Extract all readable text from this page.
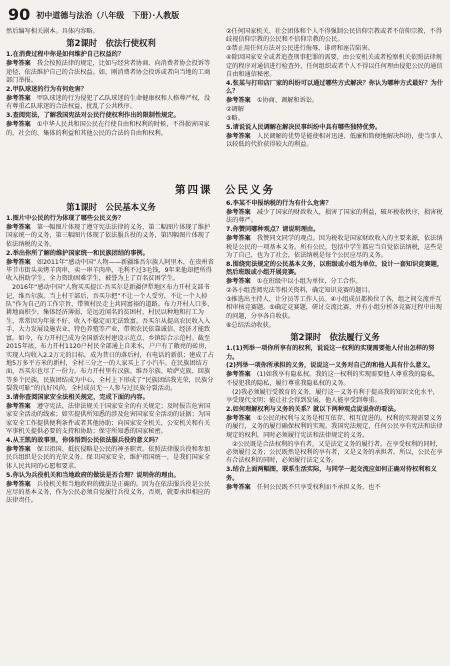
90 初中道德与法治（八年级　下册）·人教版

然后编写相关剧本。具体内容略。

第2课时　依法行使权利

1.在消费过程中你是如何维护自己权益的？

参考答案　我会按照法律的规定，比如与经营者协商、向消费者协会投诉等途径，依法维护自己的合法权益。如，刚消费者协会投诉或者向当地的工商部门举报。

2.甲队球迷的行为有何危害？

参考答案　甲队球迷的行为侵犯了乙队球迷的生命健康权和人格尊严权，没有尊重乙队球迷的合法权益，扰乱了公共秩序。

3.查阅宪法，了解我国宪法对公民行使权利作出的限制性规定。

参考答案　①中华人民共和国公民在行使自由和权利的时候，不得损害国家的、社会的、集体的利益和其他公民的合法的自由和权利。

②任何国家机关、社会团体和个人不得强制公民信仰宗教或者不信仰宗教，不得歧视信仰宗教的公民和不信仰宗教的公民。

③禁止用任何方法对公民进行侮辱、诽谤和诬告陷害。

④除因国家安全或者追查刑事犯罪的需要，由公安机关或者检察机关依照法律规定的程序对通信进行检查外，任何组织或者个人不得以任何理由侵犯公民的通信自由和通信秘密。

4.张某与打印店厂家的纠纷可以通过哪些方式解决？你认为哪种方式最好？为什么？

参考答案　①协商、调解和诉讼。

②调解

③略。

5.请说说人民调解在解决民事纠纷中具有哪些独特优势。

参考答案　人民调解的优势是能使相对迅速、低廉和简便地解决纠纷，使当事人以较低的代价获得较大的利益。

第四课　公民义务

第1课时　公民基本义务

1.图片中公民的行为体现了哪些公民义务？

参考答案　第一幅图片体现了遵守宪法法律的义务，第二幅图片体现了维护国家统一的义务，第三幅图片体现了依法服兵役的义务，第四幅图片体现了依法纳税的义务。

2.举出你所了解的维护国家统一和民族团结的事例。

参考答案　如2011年“感动中国”人物——新疆维吾尔族人阿里木，在贵州省毕节市街头卖烤羊肉串，卖一串羊肉串，毛利不过3毛钱，9年来他却把所得收入捐助学生，全力资助困难学生，被誉为上了百名贫困学生。

　2016年“感动中国”人物买买提江·吾买尔是新疆伊犁地区布力开村支部书记，维吾尔族。当上村干部后，吾买尔把“不让一个人受穷，不让一个人掉队”作为自己的工作宗旨，带领村民走上共同富裕的道路。布力开村人口多、耕地面积少，集体经济薄弱，是远近闻名的贫困村，村民以种地和打工为生，常常因为年景不好、收入不稳定而无法致富。吾买尔从提高农民收入入手，大力发展设施农业、特色养殖等产业，带领农民依靠诚信、经济才能致富。如今，布力开村已成为全国新农村建设示范点、乡镇综合示范村。截至2015年底，布力开村1120户村民全部通上自来水，户户有了敞亮的砖房，实现人均收入2.2万元的目标，成为昔日的落后村，有电话的新俱；建成了占地5万多平方米的新村，全村三分之一的人家买上了小汽车。在民族团结方面，吾买尔也尽了一份力。布力开村里有汉族、维吾尔族、哈萨克族、回族等多个民族，民族团结成为中心，全村上下形成了“民族团结我光荣，民族分裂我可耻”的良好风尚，全村成员无一人参与过民族分裂活动。

3.请你查阅国家安全法相关规定，完成下面的内容。

参考答案　遵守宪法、法律法规关于国家安全的有关规定；及时报告危害国家安全活动的线索；如实提供所知悉的涉及危害国家安全活动的证据；为国家安全工作提供便利条件或者其他协助；向国家安全机关、公安机关和有关军事机关提供必要的支持和协助；保守所知悉的国家秘密。

4.从王凯的故事里，你体悟到公民依法服兵役的意义吗？

参考答案　保卫祖国、抵抗侵略是公民的神圣职责。依照法律服兵役和参加民兵组织是公民的光荣义务。保卫国家安全，维护祖国统一，是我们国家全体人民共同的心愿和要求。

5.你认为兵役机关和当地政府的做法是否合理？说明你的理由。

参考答案　兵役机关和当地政府的做法是正确的。因为在依法服兵役是公民应尽的基本义务，作为公民必须自觉履行兵役义务，否则，就要承担相应的法律责任。

6.李某不申报纳税的行为有什么危害？

参考答案　减少了国家的财政收入，损害了国家的利益，破坏税收秩序，损害税法的尊严。

7.你赞同哪种观点？请说明理由。

参考答案　我赞同文同学的观点。因为税收是国家财政收入的主要来源，依法纳税是公民的一项基本义务。所有公民，包括中学生都应当自觉依法纳税，这些是为了自己，也为了社会，依法纳税是每个公民应尽的义务。

8.围绕宪法规定的公民基本义务，以班级或小组为单位，设计一套知识竞赛题，然后班级或小组开展竞赛。

参考答案　①在班级中以小组为单位，分工合作。

②各小组查阅宪法等相关资料，确定知识竞赛的题目。

③推选出主持人、计分员等工作人员。④小组成员都换位了各，组之间交流并互相审核竞赛题。⑤确定竞赛题，研讨交流比赛，并有小组分析各竞赛过程中出现的问题，分享各自收获。

⑥总结活动收获。

第2课时　依法履行义务

1.(1)列举一项你所享有的权利，说说这一权利的实现需要他人付出怎样的努力。

(2)列举一项你所承担的义务，说说这一义务对自己的和他人具有什么意义。

参考答案　(1)如我享有隐私权。我的这一权利的实现需要他人尊重我的隐私，不侵犯我的隐私，履行尊重我隐私权的义务。

　(2)我必须履行受教育的义务，履行这一义务有利于提高我的知识文化水平，享受现代文明；能让社会得到发展，他人能享受到尊重。

2.如何理解权利与义务的关系？就以下两种观点说说你的看法。

参考答案　①公民的权利与义务是相互依存、相互促进的。权利的实现需要义务的履行，义务的履行确保权利的实现。我国宪法规定，任何公民享有宪法和法律规定的权利，同时必须履行宪法和法律规定的义务。

　②公民既是合法权利的享有者，又是法定义务的履行者。在享受权利的同时，必须履行义务；公民既然是权利的享有者，又是义务的承担者。所以，公民在享有合法权利的同时，必须履行法定义务。

3.结合上面两幅图，联系生活实际，与同学一起交流应如何正确对待权利和义务。

参考答案　任何公民既不只享受权利而不承担义务，也不
